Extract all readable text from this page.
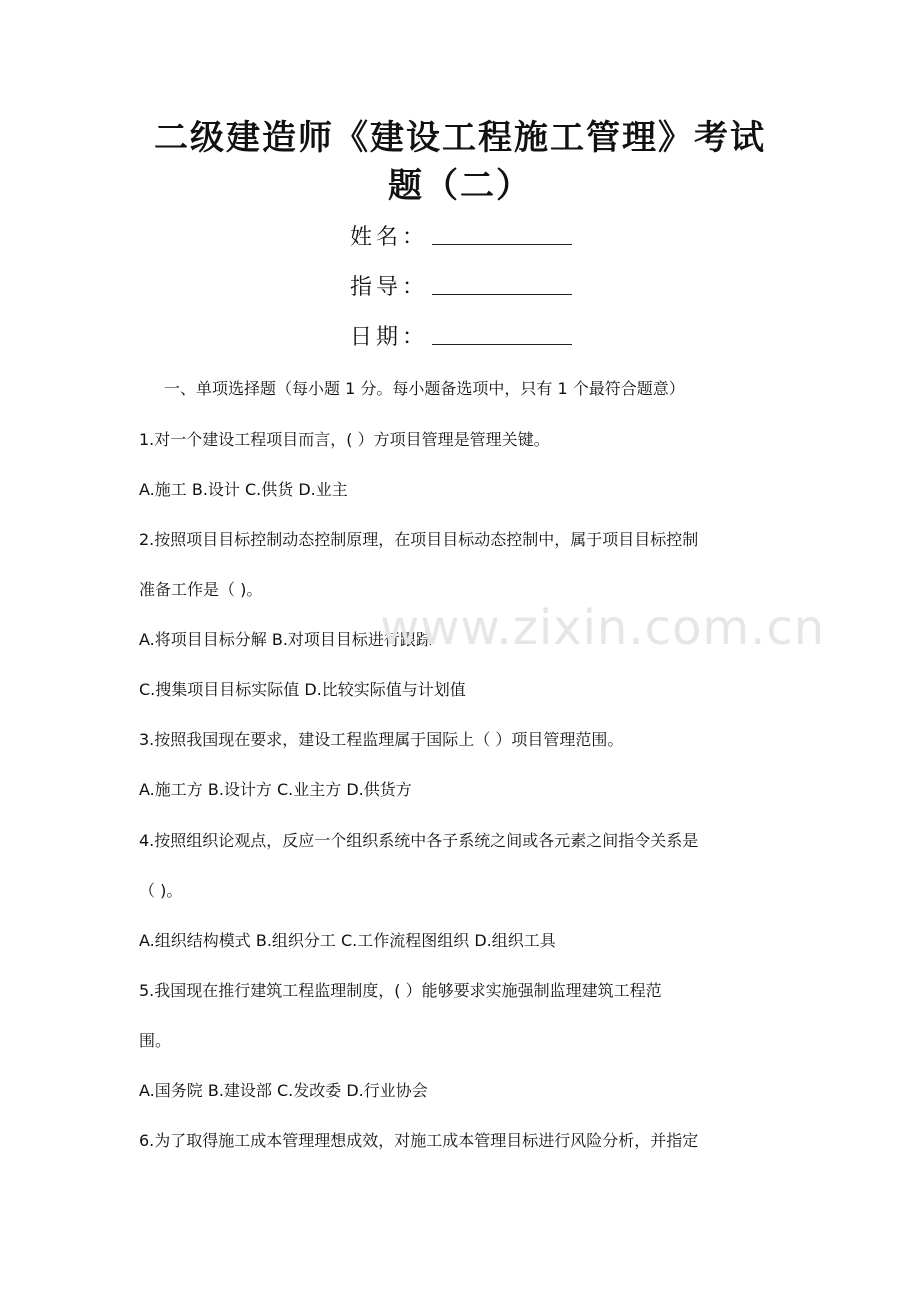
二级建造师《建设工程施工管理》考试
题（二）
姓名：
指导：
日期：

一、单项选择题（每小题 1 分。每小题备选项中，只有 1 个最符合题意）

1.对一个建设工程项目而言，( ）方项目管理是管理关键。

A.施工 B.设计 C.供货 D.业主

2.按照项目目标控制动态控制原理，在项目目标动态控制中，属于项目目标控制

准备工作是（ )。

A.将项目目标分解 B.对项目目标进行跟踪

C.搜集项目目标实际值 D.比较实际值与计划值

3.按照我国现在要求，建设工程监理属于国际上（ ）项目管理范围。

A.施工方 B.设计方 C.业主方 D.供货方

4.按照组织论观点，反应一个组织系统中各子系统之间或各元素之间指令关系是

（ )。

A.组织结构模式 B.组织分工 C.工作流程图组织 D.组织工具

5.我国现在推行建筑工程监理制度，( ）能够要求实施强制监理建筑工程范

围。

A.国务院 B.建设部 C.发改委 D.行业协会

6.为了取得施工成本管理理想成效，对施工成本管理目标进行风险分析，并指定

www.zixin.com.cn
